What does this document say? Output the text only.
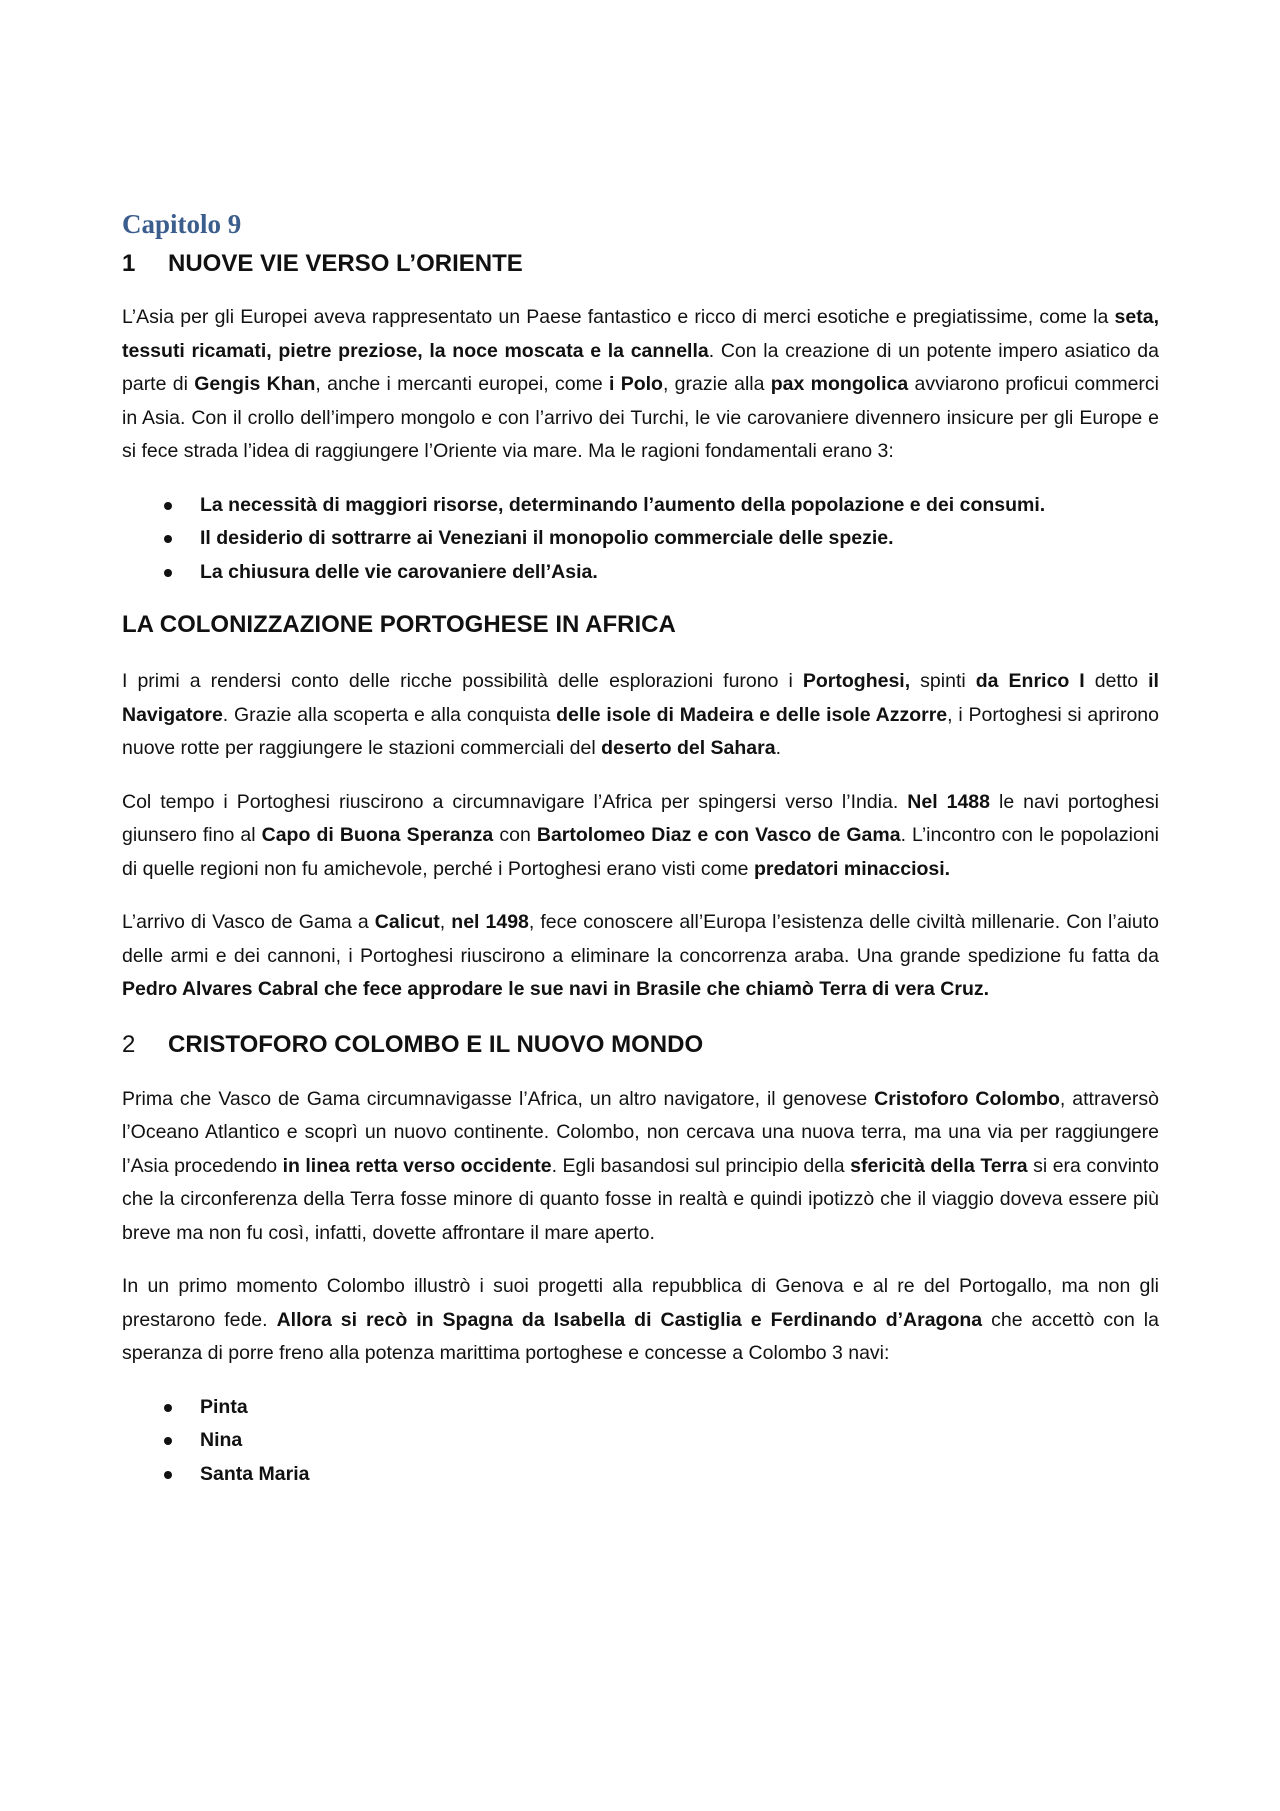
Capitolo 9
1 NUOVE VIE VERSO L’ORIENTE

L’Asia per gli Europei aveva rappresentato un Paese fantastico e ricco di merci esotiche e pregiatissime, come la seta, tessuti ricamati, pietre preziose, la noce moscata e la cannella. Con la creazione di un potente impero asiatico da parte di Gengis Khan, anche i mercanti europei, come i Polo, grazie alla pax mongolica avviarono proficui commerci in Asia. Con il crollo dell’impero mongolo e con l’arrivo dei Turchi, le vie carovaniere divennero insicure per gli Europe e si fece strada l’idea di raggiungere l’Oriente via mare. Ma le ragioni fondamentali erano 3:

La necessità di maggiori risorse, determinando l’aumento della popolazione e dei consumi.
Il desiderio di sottrarre ai Veneziani il monopolio commerciale delle spezie.
La chiusura delle vie carovaniere dell’Asia.
LA COLONIZZAZIONE PORTOGHESE IN AFRICA

I primi a rendersi conto delle ricche possibilità delle esplorazioni furono i Portoghesi, spinti da Enrico I detto il Navigatore. Grazie alla scoperta e alla conquista delle isole di Madeira e delle isole Azzorre, i Portoghesi si aprirono nuove rotte per raggiungere le stazioni commerciali del deserto del Sahara.

Col tempo i Portoghesi riuscirono a circumnavigare l’Africa per spingersi verso l’India. Nel 1488 le navi portoghesi giunsero fino al Capo di Buona Speranza con Bartolomeo Diaz e con Vasco de Gama. L’incontro con le popolazioni di quelle regioni non fu amichevole, perché i Portoghesi erano visti come predatori minacciosi.

L’arrivo di Vasco de Gama a Calicut, nel 1498, fece conoscere all’Europa l’esistenza delle civiltà millenarie. Con l’aiuto delle armi e dei cannoni, i Portoghesi riuscirono a eliminare la concorrenza araba. Una grande spedizione fu fatta da Pedro Alvares Cabral che fece approdare le sue navi in Brasile che chiamò Terra di vera Cruz.

2 CRISTOFORO COLOMBO E IL NUOVO MONDO

Prima che Vasco de Gama circumnavigasse l’Africa, un altro navigatore, il genovese Cristoforo Colombo, attraversò l’Oceano Atlantico e scoprì un nuovo continente. Colombo, non cercava una nuova terra, ma una via per raggiungere l’Asia procedendo in linea retta verso occidente. Egli basandosi sul principio della sfericità della Terra si era convinto che la circonferenza della Terra fosse minore di quanto fosse in realtà e quindi ipotizzò che il viaggio doveva essere più breve ma non fu così, infatti, dovette affrontare il mare aperto.

In un primo momento Colombo illustrò i suoi progetti alla repubblica di Genova e al re del Portogallo, ma non gli prestarono fede. Allora si recò in Spagna da Isabella di Castiglia e Ferdinando d’Aragona che accettò con la speranza di porre freno alla potenza marittima portoghese e concesse a Colombo 3 navi:

Pinta
Nina
Santa Maria
